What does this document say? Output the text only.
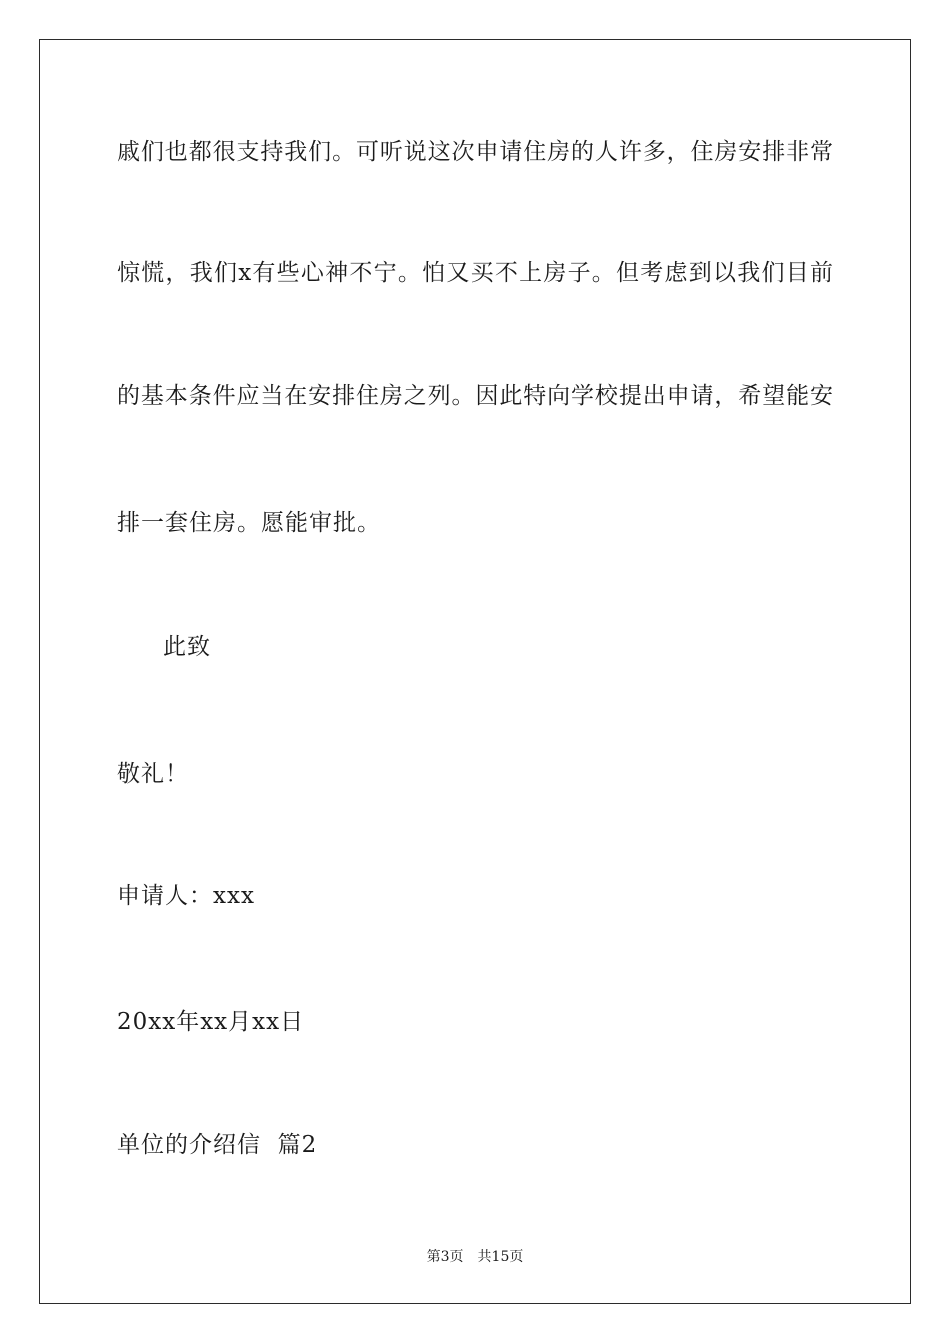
戚们也都很支持我们。可听说这次申请住房的人许多，住房安排非常
惊慌，我们x有些心神不宁。怕又买不上房子。但考虑到以我们目前
的基本条件应当在安排住房之列。因此特向学校提出申请，希望能安
排一套住房。愿能审批。
此致
敬礼！
申请人：xxx
20xx年xx月xx日
单位的介绍信  篇2
第3页 共15页
